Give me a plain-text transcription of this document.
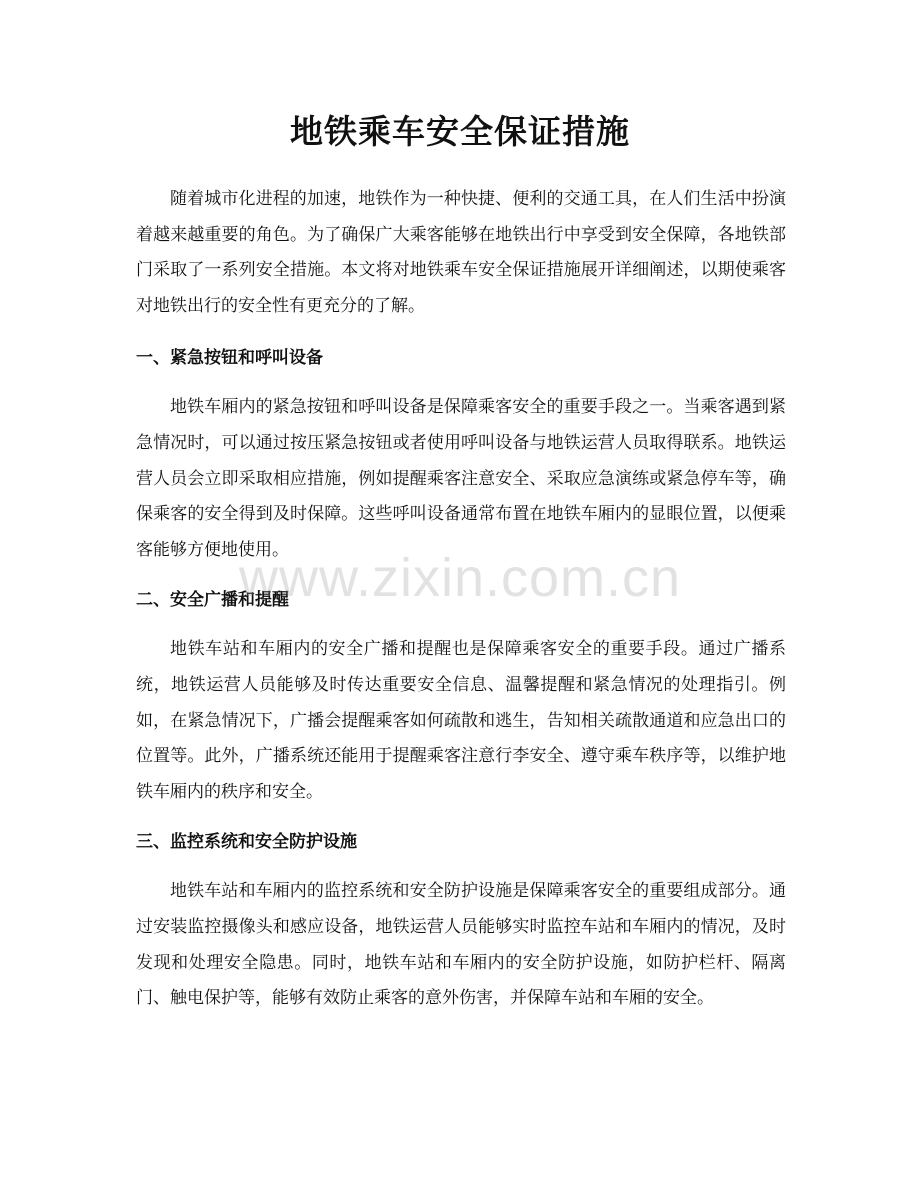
地铁乘车安全保证措施

随着城市化进程的加速，地铁作为一种快捷、便利的交通工具，在人们生活中扮演着越来越重要的角色。为了确保广大乘客能够在地铁出行中享受到安全保障，各地铁部门采取了一系列安全措施。本文将对地铁乘车安全保证措施展开详细阐述，以期使乘客对地铁出行的安全性有更充分的了解。

一、紧急按钮和呼叫设备

地铁车厢内的紧急按钮和呼叫设备是保障乘客安全的重要手段之一。当乘客遇到紧急情况时，可以通过按压紧急按钮或者使用呼叫设备与地铁运营人员取得联系。地铁运营人员会立即采取相应措施，例如提醒乘客注意安全、采取应急演练或紧急停车等，确保乘客的安全得到及时保障。这些呼叫设备通常布置在地铁车厢内的显眼位置，以便乘客能够方便地使用。

二、安全广播和提醒

地铁车站和车厢内的安全广播和提醒也是保障乘客安全的重要手段。通过广播系统，地铁运营人员能够及时传达重要安全信息、温馨提醒和紧急情况的处理指引。例如，在紧急情况下，广播会提醒乘客如何疏散和逃生，告知相关疏散通道和应急出口的位置等。此外，广播系统还能用于提醒乘客注意行李安全、遵守乘车秩序等，以维护地铁车厢内的秩序和安全。

三、监控系统和安全防护设施

地铁车站和车厢内的监控系统和安全防护设施是保障乘客安全的重要组成部分。通过安装监控摄像头和感应设备，地铁运营人员能够实时监控车站和车厢内的情况，及时发现和处理安全隐患。同时，地铁车站和车厢内的安全防护设施，如防护栏杆、隔离门、触电保护等，能够有效防止乘客的意外伤害，并保障车站和车厢的安全。

www.zixin.com.cn
